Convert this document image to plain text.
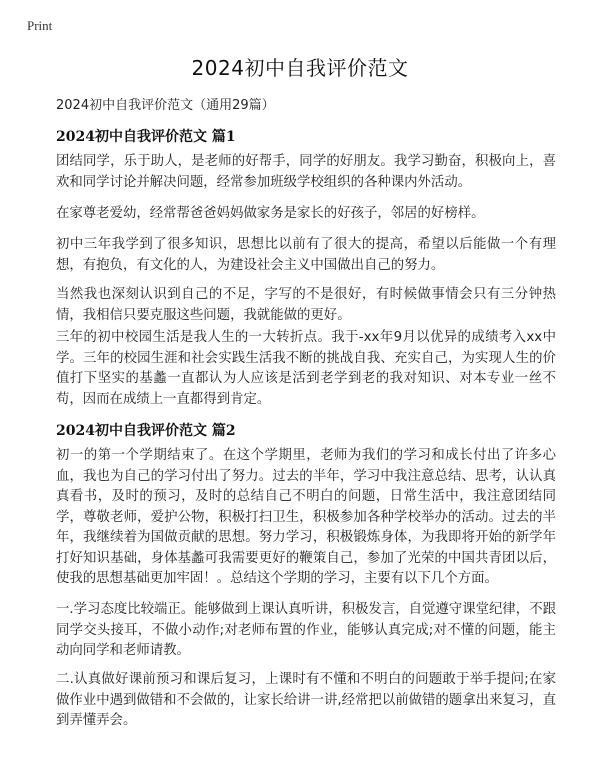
Print
2024初中自我评价范文
2024初中自我评价范文（通用29篇）
2024初中自我评价范文 篇1
团结同学，乐于助人，是老师的好帮手，同学的好朋友。我学习勤奋，积极向上，喜欢和同学讨论并解决问题，经常参加班级学校组织的各种课内外活动。
在家尊老爱幼，经常帮爸爸妈妈做家务是家长的好孩子，邻居的好榜样。
初中三年我学到了很多知识，思想比以前有了很大的提高，希望以后能做一个有理想，有抱负，有文化的人，为建设社会主义中国做出自己的努力。
当然我也深刻认识到自己的不足，字写的不是很好，有时候做事情会只有三分钟热情，我相信只要克服这些问题，我就能做的更好。
三年的初中校园生活是我人生的一大转折点。我于-xx年9月以优异的成绩考入xx中学。三年的校园生涯和社会实践生活我不断的挑战自我、充实自己，为实现人生的价值打下坚实的基蠡一直都认为人应该是活到老学到老的我对知识、对本专业一丝不苟，因而在成绩上一直都得到肯定。
2024初中自我评价范文 篇2
初一的第一个学期结束了。在这个学期里，老师为我们的学习和成长付出了许多心血，我也为自己的学习付出了努力。过去的半年，学习中我注意总结、思考，认认真真看书，及时的预习，及时的总结自己不明白的问题，日常生活中，我注意团结同学，尊敬老师，爱护公物，积极打扫卫生，积极参加各种学校举办的活动。过去的半年，我继续着为国做贡献的思想。努力学习，积极锻炼身体，为我即将开始的新学年打好知识基础，身体基蠡可我需要更好的鞭策自己，参加了光荣的中国共青团以后，使我的思想基础更加牢固！。总结这个学期的学习，主要有以下几个方面。
一.学习态度比较端正。能够做到上课认真听讲，积极发言，自觉遵守课堂纪律，不跟同学交头接耳，不做小动作;对老师布置的作业，能够认真完成;对不懂的问题，能主动向同学和老师请教。
二.认真做好课前预习和课后复习，上课时有不懂和不明白的问题敢于举手提问;在家做作业中遇到做错和不会做的，让家长给讲一讲,经常把以前做错的题拿出来复习，直到弄懂弄会。
